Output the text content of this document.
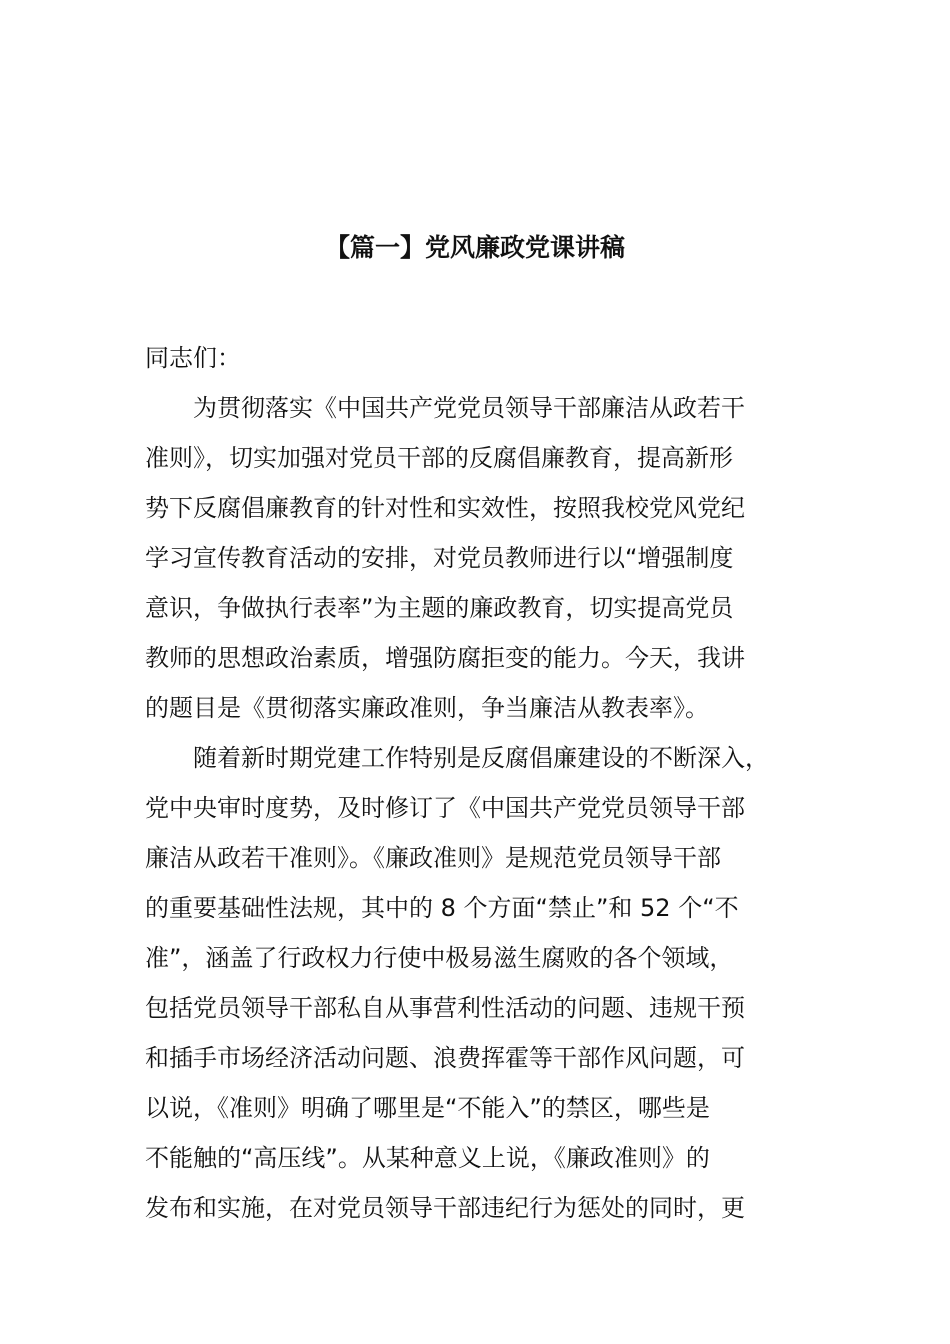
【篇一】党风廉政党课讲稿

同志们：

为贯彻落实《中国共产党党员领导干部廉洁从政若干
准则》，切实加强对党员干部的反腐倡廉教育，提高新形
势下反腐倡廉教育的针对性和实效性，按照我校党风党纪
学习宣传教育活动的安排，对党员教师进行以“增强制度
意识，争做执行表率”为主题的廉政教育，切实提高党员
教师的思想政治素质，增强防腐拒变的能力。今天，我讲
的题目是《贯彻落实廉政准则，争当廉洁从教表率》。

随着新时期党建工作特别是反腐倡廉建设的不断深入，
党中央审时度势，及时修订了《中国共产党党员领导干部
廉洁从政若干准则》。《廉政准则》是规范党员领导干部
的重要基础性法规，其中的 8 个方面“禁止”和 52 个“不
准”，涵盖了行政权力行使中极易滋生腐败的各个领域，
包括党员领导干部私自从事营利性活动的问题、违规干预
和插手市场经济活动问题、浪费挥霍等干部作风问题，可
以说，《准则》明确了哪里是“不能入”的禁区，哪些是
不能触的“高压线”。从某种意义上说，《廉政准则》的
发布和实施，在对党员领导干部违纪行为惩处的同时，更
